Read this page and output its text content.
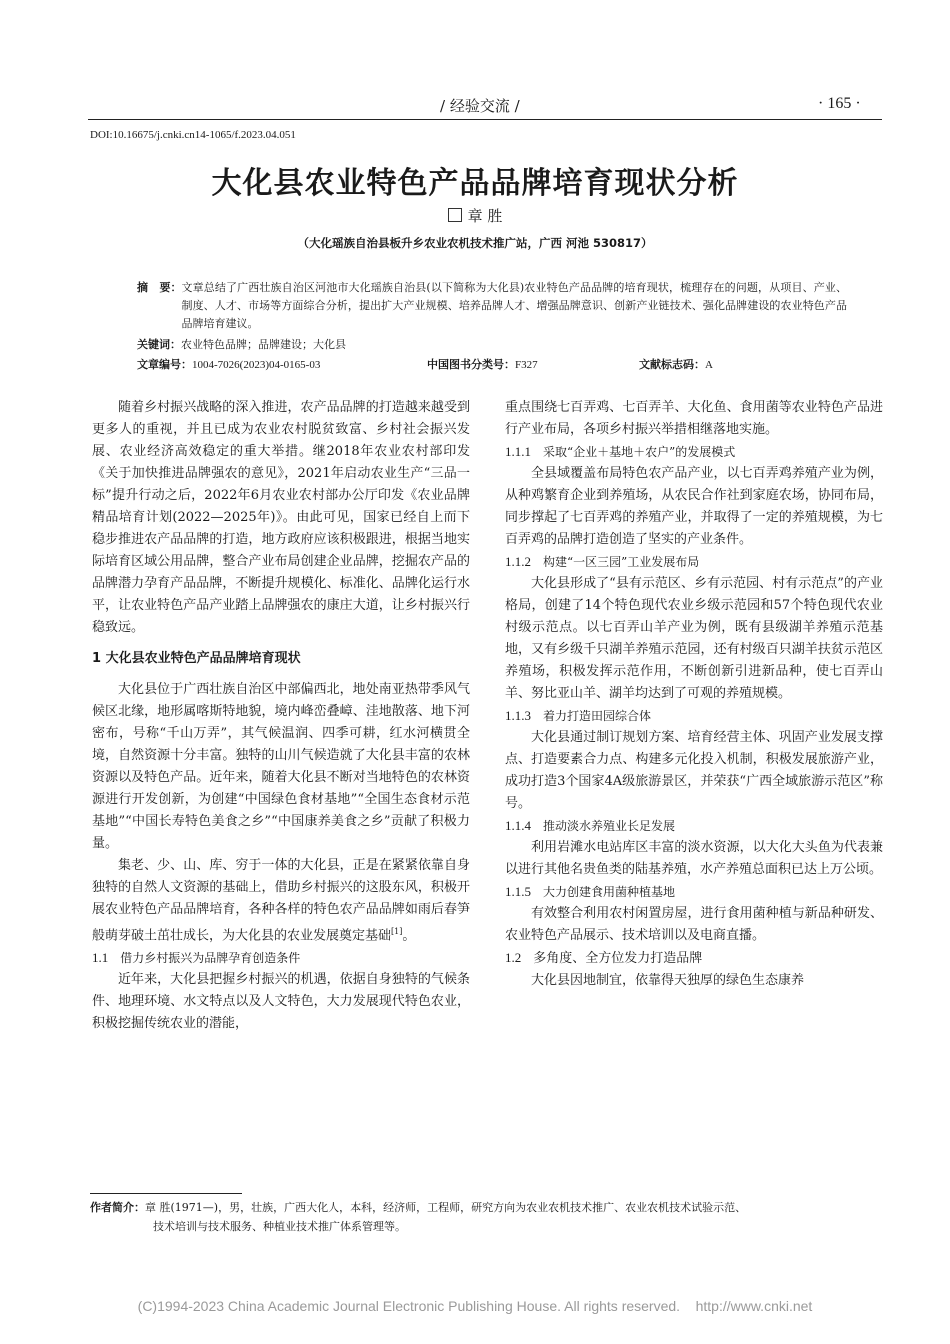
/ 经验交流 /	· 165 ·
DOI:10.16675/j.cnki.cn14-1065/f.2023.04.051
大化县农业特色产品品牌培育现状分析
章 胜
（大化瑶族自治县板升乡农业农机技术推广站，广西 河池 530817）
摘   要： 文章总结了广西壮族自治区河池市大化瑶族自治县(以下简称为大化县)农业特色产品品牌的培育现状，梳理存在的问题，从项目、产业、制度、人才、市场等方面综合分析，提出扩大产业规模、培养品牌人才、增强品牌意识、创新产业链技术、强化品牌建设的农业特色产品品牌培育建议。
关键词：农业特色品牌；品牌建设；大化县
文章编号：1004-7026(2023)04-0165-03	中国图书分类号：F327	文献标志码：A

随着乡村振兴战略的深入推进，农产品品牌的打造越来越受到更多人的重视，并且已成为农业农村脱贫致富、乡村社会振兴发展、农业经济高效稳定的重大举措。继2018年农业农村部印发《关于加快推进品牌强农的意见》，2021年启动农业生产“三品一标”提升行动之后，2022年6月农业农村部办公厅印发《农业品牌精品培育计划(2022—2025年)》。由此可见，国家已经自上而下稳步推进农产品品牌的打造，地方政府应该积极跟进，根据当地实际培育区域公用品牌，整合产业布局创建企业品牌，挖掘农产品的品牌潜力孕育产品品牌，不断提升规模化、标准化、品牌化运行水平，让农业特色产品产业踏上品牌强农的康庄大道，让乡村振兴行稳致远。

1 大化县农业特色产品品牌培育现状

大化县位于广西壮族自治区中部偏西北，地处南亚热带季风气候区北缘，地形属喀斯特地貌，境内峰峦叠嶂、洼地散落、地下河密布，号称“千山万弄”，其气候温润、四季可耕，红水河横贯全境，自然资源十分丰富。独特的山川气候造就了大化县丰富的农林资源以及特色产品。近年来，随着大化县不断对当地特色的农林资源进行开发创新，为创建“中国绿色食材基地”“全国生态食材示范基地”“中国长寿特色美食之乡”“中国康养美食之乡”贡献了积极力量。

集老、少、山、库、穷于一体的大化县，正是在紧紧依靠自身独特的自然人文资源的基础上，借助乡村振兴的这股东风，积极开展农业特色产品品牌培育，各种各样的特色农产品品牌如雨后春笋般萌芽破土茁壮成长，为大化县的农业发展奠定基础[1]。

1.1 借力乡村振兴为品牌孕育创造条件

近年来，大化县把握乡村振兴的机遇，依据自身独特的气候条件、地理环境、水文特点以及人文特色，大力发展现代特色农业，积极挖掘传统农业的潜能，

重点围绕七百弄鸡、七百弄羊、大化鱼、食用菌等农业特色产品进行产业布局，各项乡村振兴举措相继落地实施。

1.1.1 采取“企业＋基地＋农户”的发展模式

全县域覆盖布局特色农产品产业，以七百弄鸡养殖产业为例，从种鸡繁育企业到养殖场，从农民合作社到家庭农场，协同布局，同步撑起了七百弄鸡的养殖产业，并取得了一定的养殖规模，为七百弄鸡的品牌打造创造了坚实的产业条件。

1.1.2 构建“一区三园”工业发展布局

大化县形成了“县有示范区、乡有示范园、村有示范点”的产业格局，创建了14个特色现代农业乡级示范园和57个特色现代农业村级示范点。以七百弄山羊产业为例，既有县级湖羊养殖示范基地，又有乡级千只湖羊养殖示范园，还有村级百只湖羊扶贫示范区养殖场，积极发挥示范作用，不断创新引进新品种，使七百弄山羊、努比亚山羊、湖羊均达到了可观的养殖规模。

1.1.3 着力打造田园综合体

大化县通过制订规划方案、培育经营主体、巩固产业发展支撑点、打造要素合力点、构建多元化投入机制，积极发展旅游产业，成功打造3个国家4A级旅游景区，并荣获“广西全域旅游示范区”称号。

1.1.4 推动淡水养殖业长足发展

利用岩滩水电站库区丰富的淡水资源，以大化大头鱼为代表兼以进行其他名贵鱼类的陆基养殖，水产养殖总面积已达上万公顷。

1.1.5 大力创建食用菌种植基地

有效整合利用农村闲置房屋，进行食用菌种植与新品种研发、农业特色产品展示、技术培训以及电商直播。

1.2 多角度、全方位发力打造品牌

大化县因地制宜，依靠得天独厚的绿色生态康养

作者简介：章 胜(1971—)，男，壮族，广西大化人，本科，经济师，工程师，研究方向为农业农机技术推广、农业农机技术试验示范、
技术培训与技术服务、种植业技术推广体系管理等。
(C)1994-2023 China Academic Journal Electronic Publishing House. All rights reserved.    http://www.cnki.net
